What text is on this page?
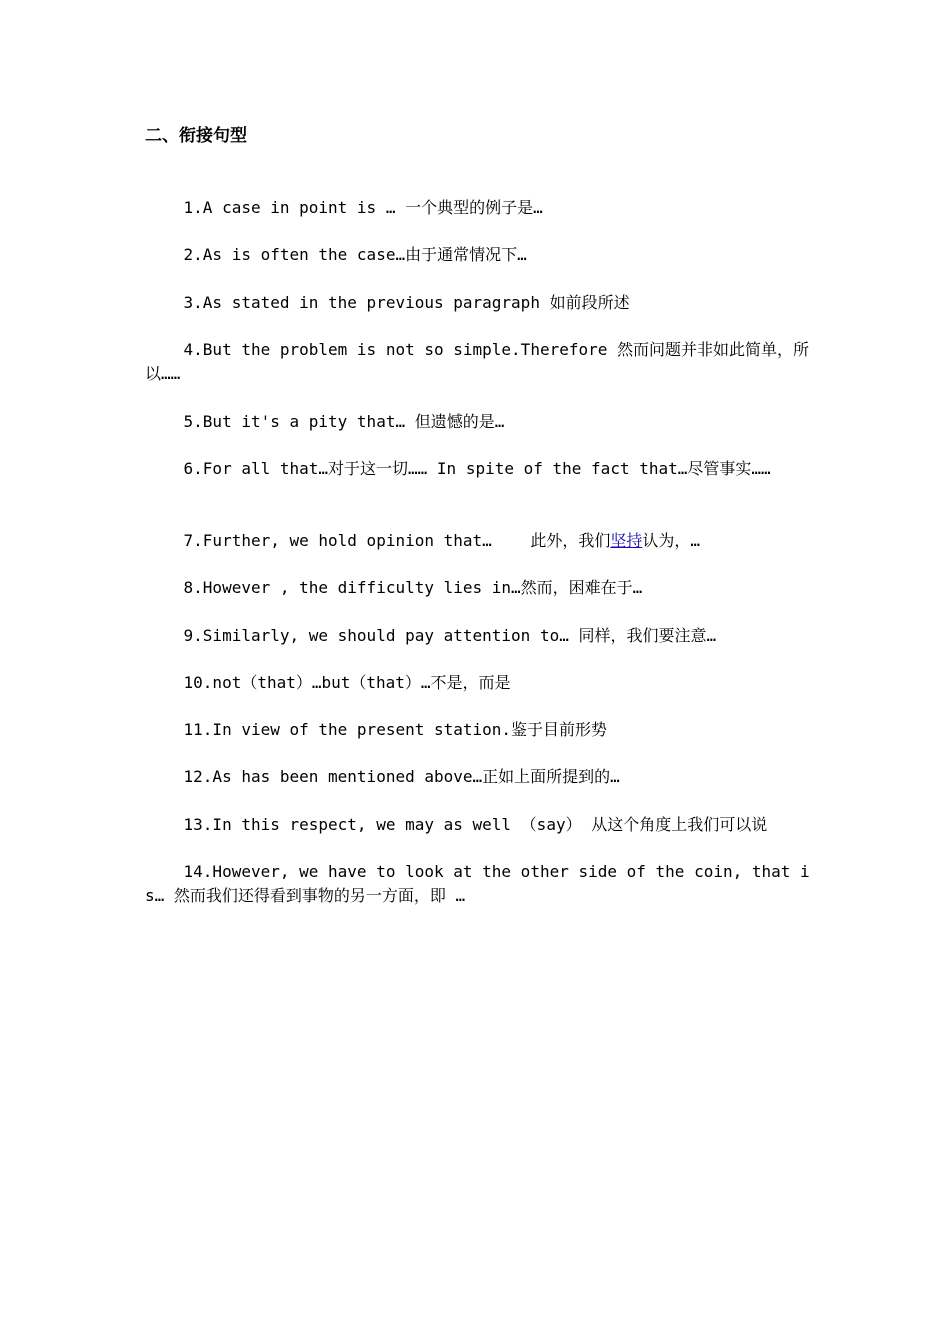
二、衔接句型

1.A case in point is … 一个典型的例子是…

2.As is often the case…由于通常情况下…

3.As stated in the previous paragraph 如前段所述

4.But the problem is not so simple.Therefore 然而问题并非如此简单，所以……

5.But it's a pity that… 但遗憾的是…

6.For all that…对于这一切…… In spite of the fact that…尽管事实……

7.Further, we hold opinion that…    此外，我们坚持认为，…

8.However , the difficulty lies in…然而，困难在于…

9.Similarly, we should pay attention to… 同样，我们要注意…

10.not（that）…but（that）…不是，而是

11.In view of the present station.鉴于目前形势

12.As has been mentioned above…正如上面所提到的…

13.In this respect, we may as well （say） 从这个角度上我们可以说

14.However, we have to look at the other side of the coin, that is… 然而我们还得看到事物的另一方面，即 …
